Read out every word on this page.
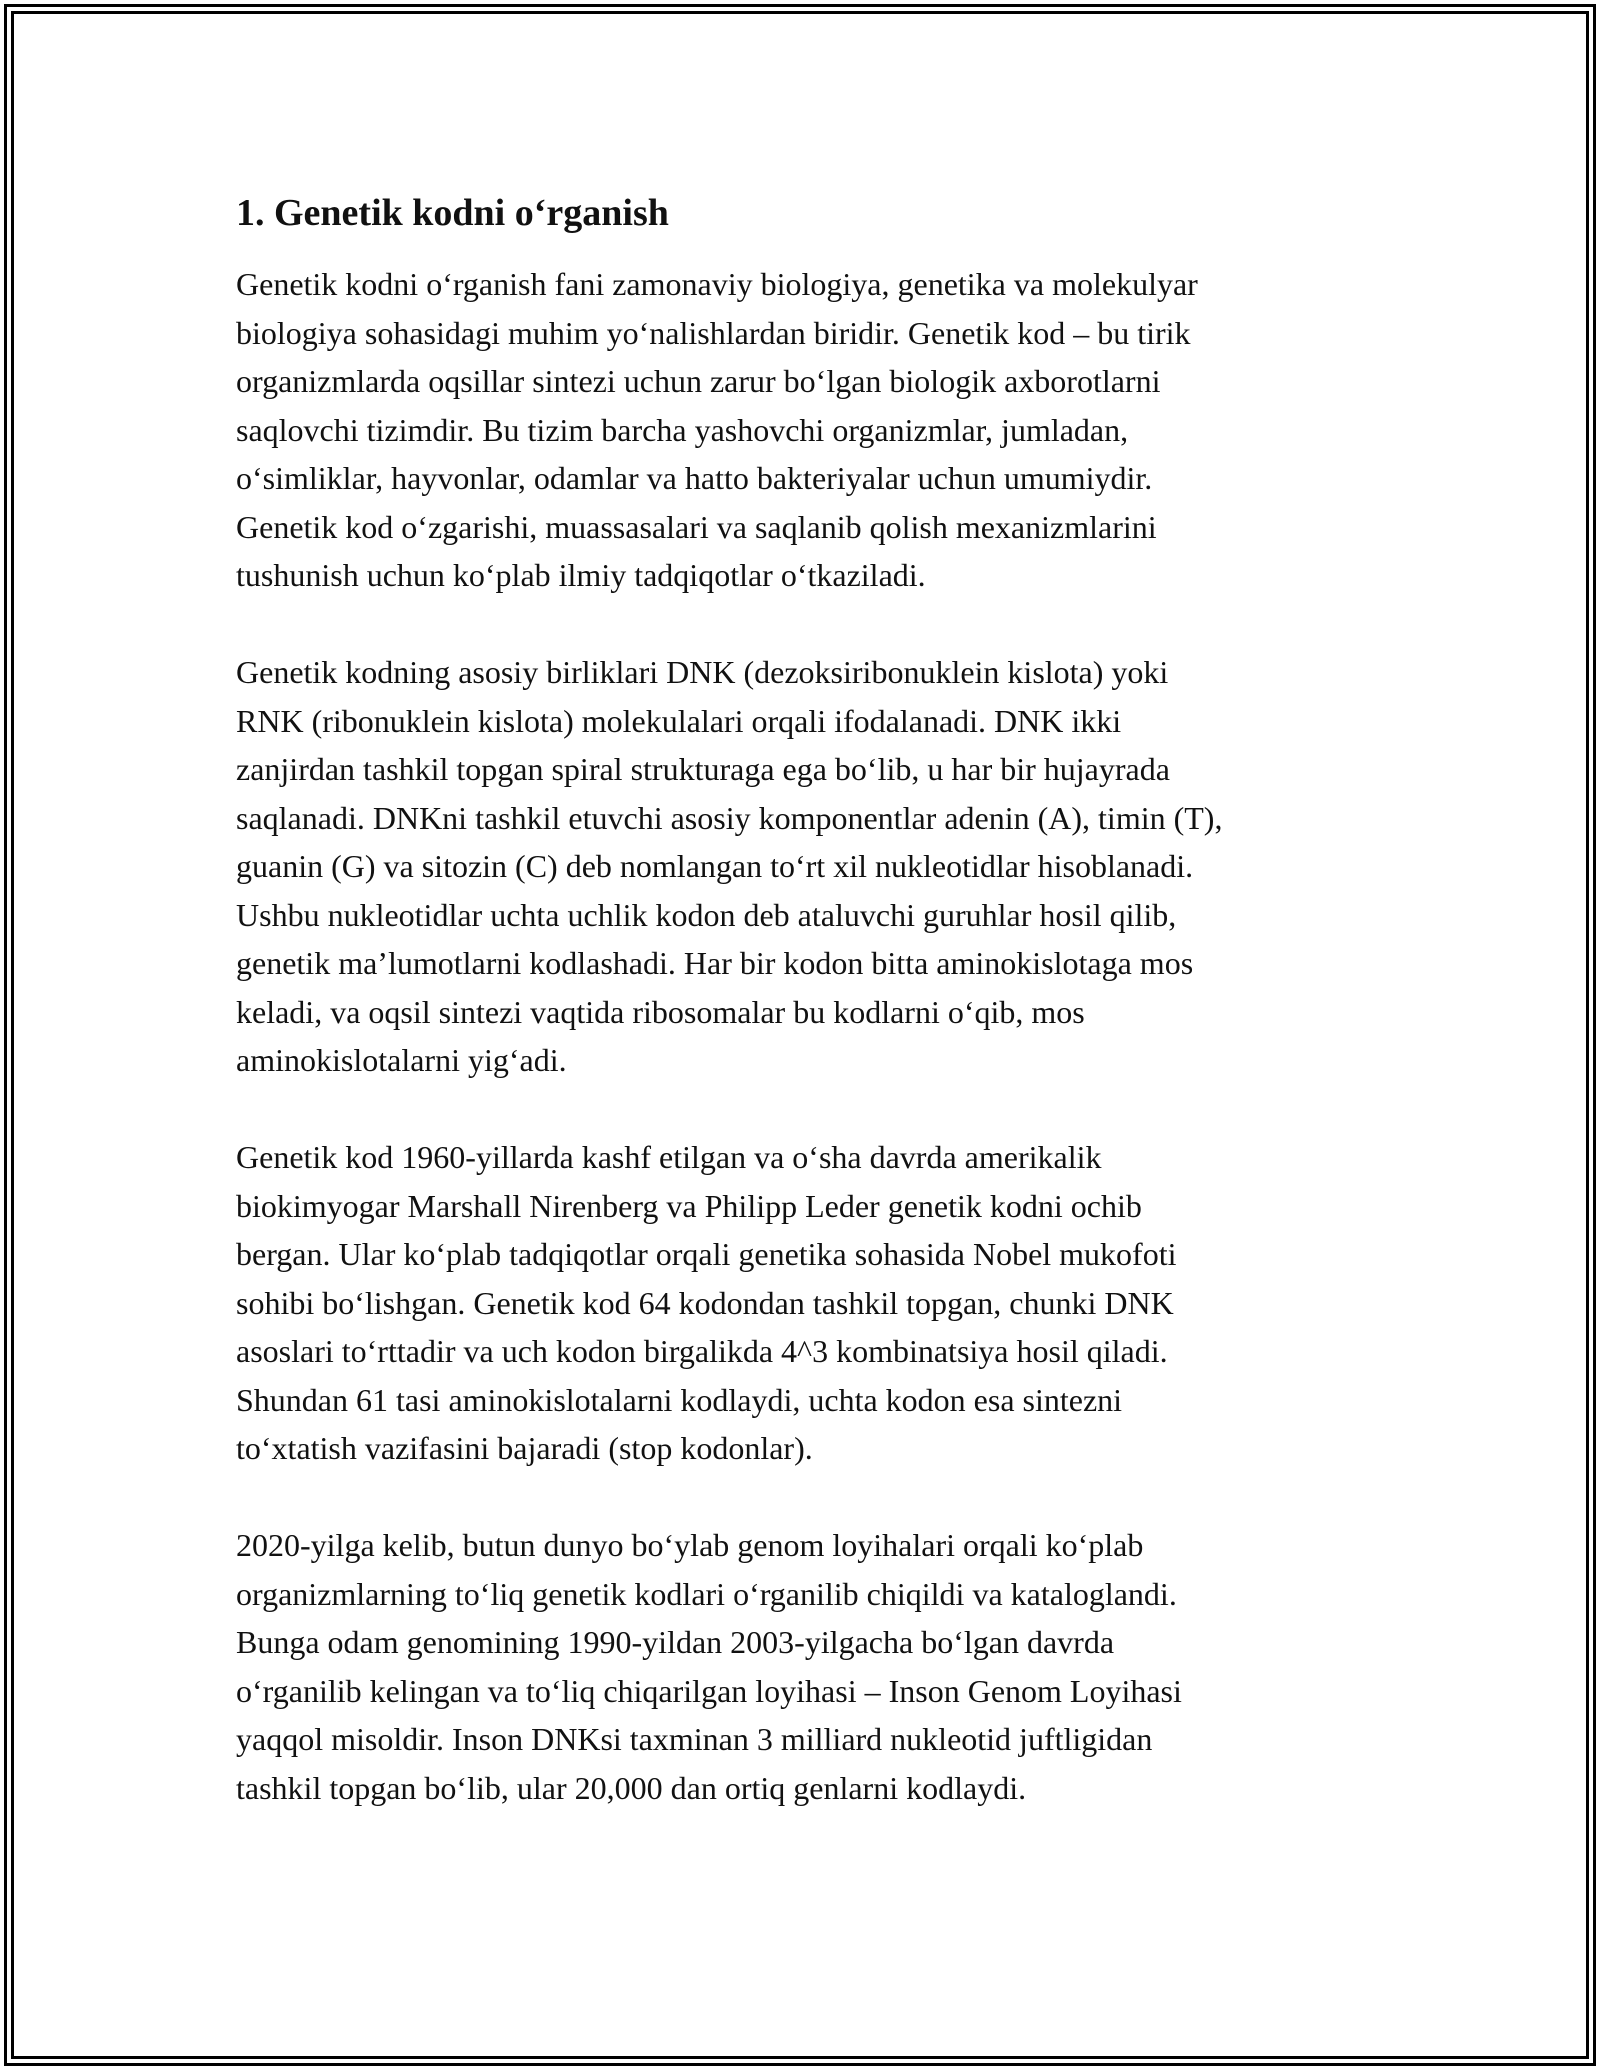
1. Genetik kodni o‘rganish

Genetik kodni o‘rganish fani zamonaviy biologiya, genetika va molekulyar
biologiya sohasidagi muhim yo‘nalishlardan biridir. Genetik kod – bu tirik
organizmlarda oqsillar sintezi uchun zarur bo‘lgan biologik axborotlarni
saqlovchi tizimdir. Bu tizim barcha yashovchi organizmlar, jumladan,
o‘simliklar, hayvonlar, odamlar va hatto bakteriyalar uchun umumiydir.
Genetik kod o‘zgarishi, muassasalari va saqlanib qolish mexanizmlarini
tushunish uchun ko‘plab ilmiy tadqiqotlar o‘tkaziladi.

Genetik kodning asosiy birliklari DNK (dezoksiribonuklein kislota) yoki
RNK (ribonuklein kislota) molekulalari orqali ifodalanadi. DNK ikki
zanjirdan tashkil topgan spiral strukturaga ega bo‘lib, u har bir hujayrada
saqlanadi. DNKni tashkil etuvchi asosiy komponentlar adenin (A), timin (T),
guanin (G) va sitozin (C) deb nomlangan to‘rt xil nukleotidlar hisoblanadi.
Ushbu nukleotidlar uchta uchlik kodon deb ataluvchi guruhlar hosil qilib,
genetik ma’lumotlarni kodlashadi. Har bir kodon bitta aminokislotaga mos
keladi, va oqsil sintezi vaqtida ribosomalar bu kodlarni o‘qib, mos
aminokislotalarni yig‘adi.

Genetik kod 1960-yillarda kashf etilgan va o‘sha davrda amerikalik
biokimyogar Marshall Nirenberg va Philipp Leder genetik kodni ochib
bergan. Ular ko‘plab tadqiqotlar orqali genetika sohasida Nobel mukofoti
sohibi bo‘lishgan. Genetik kod 64 kodondan tashkil topgan, chunki DNK
asoslari to‘rttadir va uch kodon birgalikda 4^3 kombinatsiya hosil qiladi.
Shundan 61 tasi aminokislotalarni kodlaydi, uchta kodon esa sintezni
to‘xtatish vazifasini bajaradi (stop kodonlar).

2020-yilga kelib, butun dunyo bo‘ylab genom loyihalari orqali ko‘plab
organizmlarning to‘liq genetik kodlari o‘rganilib chiqildi va kataloglandi.
Bunga odam genomining 1990-yildan 2003-yilgacha bo‘lgan davrda
o‘rganilib kelingan va to‘liq chiqarilgan loyihasi – Inson Genom Loyihasi
yaqqol misoldir. Inson DNKsi taxminan 3 milliard nukleotid juftligidan
tashkil topgan bo‘lib, ular 20,000 dan ortiq genlarni kodlaydi.
